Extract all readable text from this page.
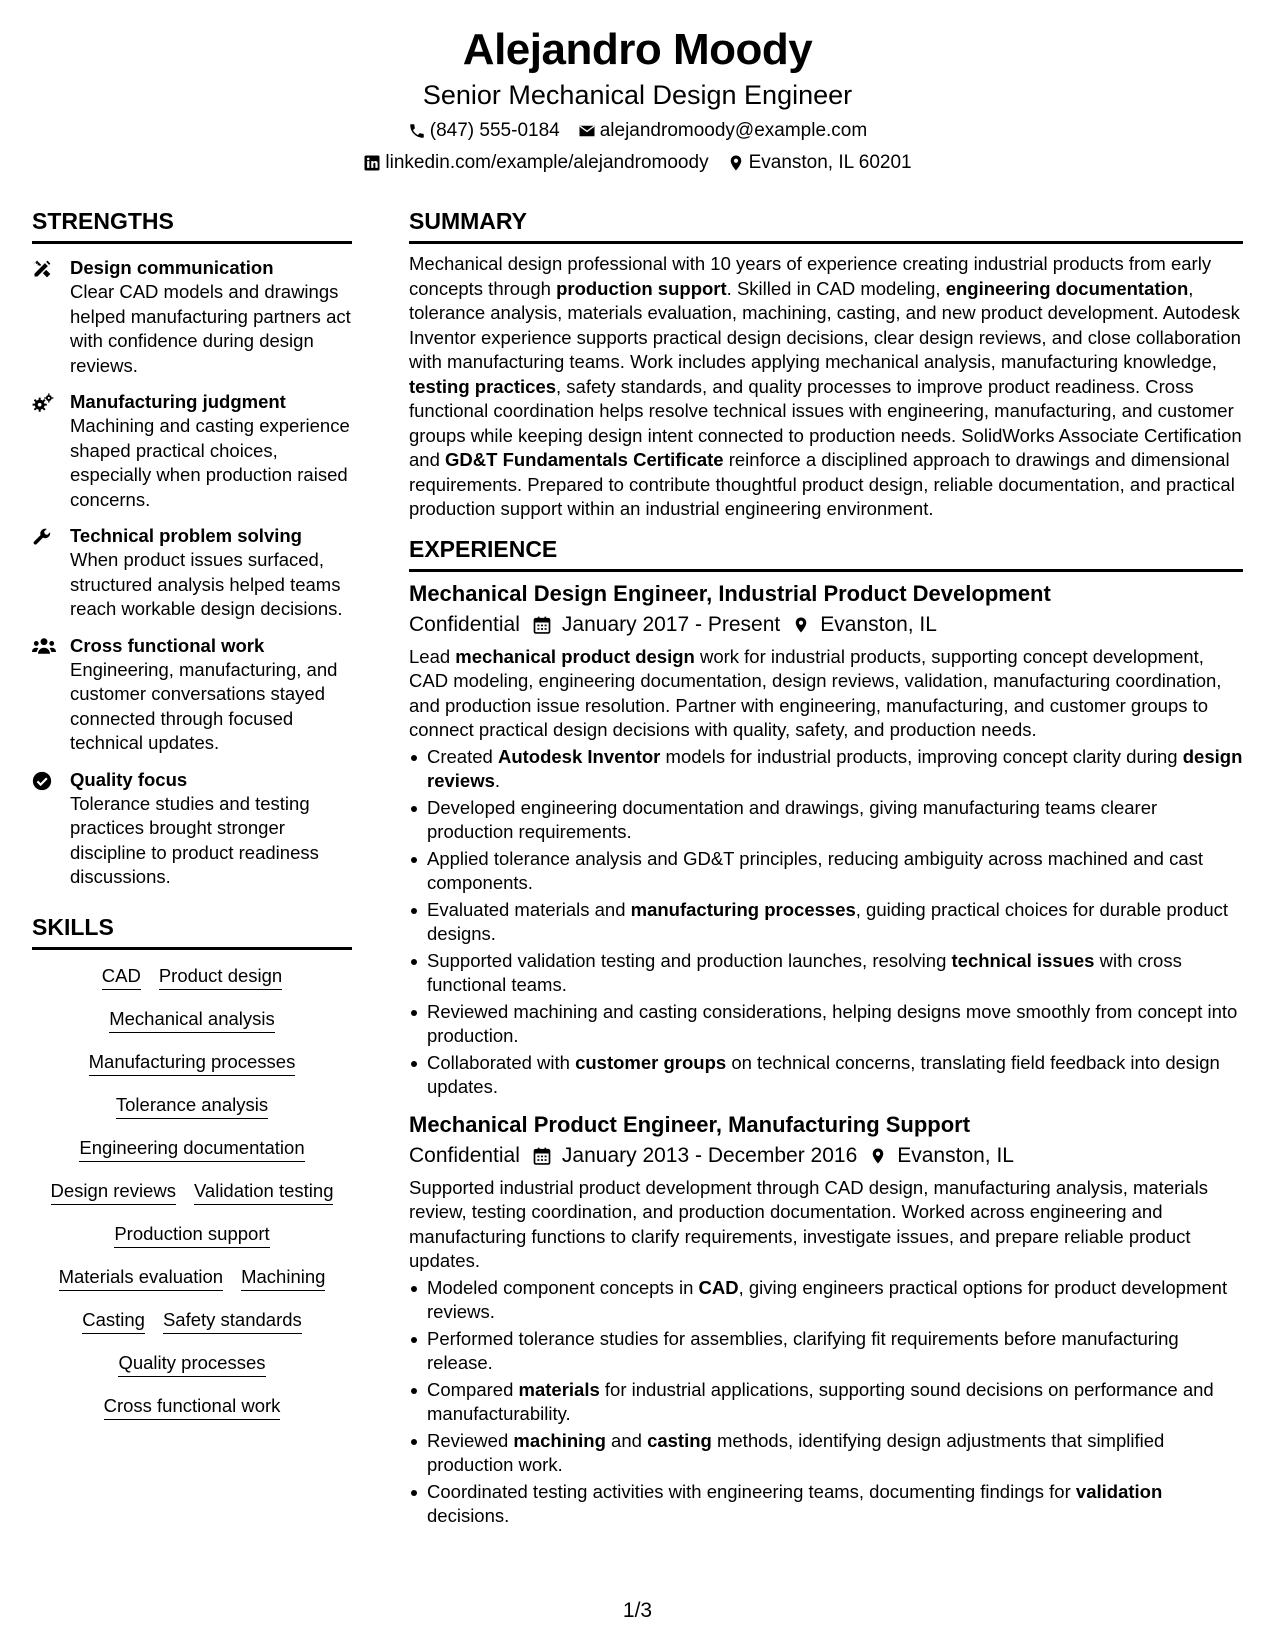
Alejandro Moody
Senior Mechanical Design Engineer
(847) 555-0184 alejandromoody@example.com
linkedin.com/example/alejandromoody Evanston, IL 60201
STRENGTHS
Design communication
Clear CAD models and drawings helped manufacturing partners act with confidence during design reviews.
Manufacturing judgment
Machining and casting experience shaped practical choices, especially when production raised concerns.
Technical problem solving
When product issues surfaced, structured analysis helped teams reach workable design decisions.
Cross functional work
Engineering, manufacturing, and customer conversations stayed connected through focused technical updates.
Quality focus
Tolerance studies and testing practices brought stronger discipline to product readiness discussions.
SKILLS
CAD Product design
Mechanical analysis
Manufacturing processes
Tolerance analysis
Engineering documentation
Design reviews Validation testing
Production support
Materials evaluation Machining
Casting Safety standards
Quality processes
Cross functional work
SUMMARY
Mechanical design professional with 10 years of experience creating industrial products from early concepts through production support. Skilled in CAD modeling, engineering documentation, tolerance analysis, materials evaluation, machining, casting, and new product development. Autodesk Inventor experience supports practical design decisions, clear design reviews, and close collaboration with manufacturing teams. Work includes applying mechanical analysis, manufacturing knowledge, testing practices, safety standards, and quality processes to improve product readiness. Cross functional coordination helps resolve technical issues with engineering, manufacturing, and customer groups while keeping design intent connected to production needs. SolidWorks Associate Certification and GD&T Fundamentals Certificate reinforce a disciplined approach to drawings and dimensional requirements. Prepared to contribute thoughtful product design, reliable documentation, and practical production support within an industrial engineering environment.
EXPERIENCE
Mechanical Design Engineer, Industrial Product Development
Confidential January 2017 - Present Evanston, IL
Lead mechanical product design work for industrial products, supporting concept development, CAD modeling, engineering documentation, design reviews, validation, manufacturing coordination, and production issue resolution. Partner with engineering, manufacturing, and customer groups to connect practical design decisions with quality, safety, and production needs.
Created Autodesk Inventor models for industrial products, improving concept clarity during design reviews.
Developed engineering documentation and drawings, giving manufacturing teams clearer production requirements.
Applied tolerance analysis and GD&T principles, reducing ambiguity across machined and cast components.
Evaluated materials and manufacturing processes, guiding practical choices for durable product designs.
Supported validation testing and production launches, resolving technical issues with cross functional teams.
Reviewed machining and casting considerations, helping designs move smoothly from concept into production.
Collaborated with customer groups on technical concerns, translating field feedback into design updates.
Mechanical Product Engineer, Manufacturing Support
Confidential January 2013 - December 2016 Evanston, IL
Supported industrial product development through CAD design, manufacturing analysis, materials review, testing coordination, and production documentation. Worked across engineering and manufacturing functions to clarify requirements, investigate issues, and prepare reliable product updates.
Modeled component concepts in CAD, giving engineers practical options for product development reviews.
Performed tolerance studies for assemblies, clarifying fit requirements before manufacturing release.
Compared materials for industrial applications, supporting sound decisions on performance and manufacturability.
Reviewed machining and casting methods, identifying design adjustments that simplified production work.
Coordinated testing activities with engineering teams, documenting findings for validation decisions.
1/3
